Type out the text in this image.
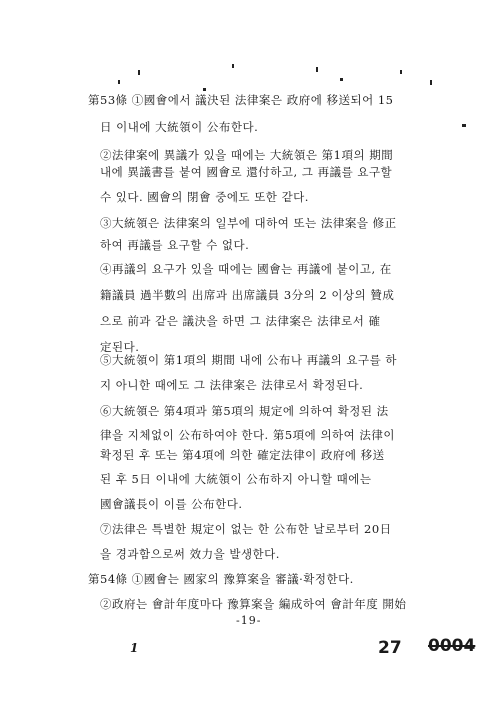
第53條 ①國會에서 議決된 法律案은 政府에 移送되어 15
日 이내에 大統領이 公布한다.
②法律案에 異議가 있을 때에는 大統領은 第1項의 期間
내에 異議書를 붙여 國會로 還付하고, 그 再議를 요구할
수 있다. 國會의 閉會 중에도 또한 같다.
③大統領은 法律案의 일부에 대하여 또는 法律案을 修正
하여 再議를 요구할 수 없다.
④再議의 요구가 있을 때에는 國會는 再議에 붙이고, 在
籍議員 過半數의 出席과 出席議員 3分의 2 이상의 贊成
으로 前과 같은 議決을 하면 그 法律案은 法律로서 確
定된다.
⑤大統領이 第1項의 期間 내에 公布나 再議의 요구를 하
지 아니한 때에도 그 法律案은 法律로서 확정된다.
⑥大統領은 第4項과 第5項의 規定에 의하여 확정된 法
律을 지체없이 公布하여야 한다. 第5項에 의하여 法律이
확정된 후 또는 第4項에 의한 確定法律이 政府에 移送
된 후 5日 이내에 大統領이 公布하지 아니할 때에는
國會議長이 이를 公布한다.
⑦法律은 특별한 規定이 없는 한 公布한 날로부터 20日
을 경과함으로써 效力을 발생한다.
第54條 ①國會는 國家의 豫算案을 審議·확정한다.
②政府는 會計年度마다 豫算案을 編成하여 會計年度 開始
-19-
1	27 0004
